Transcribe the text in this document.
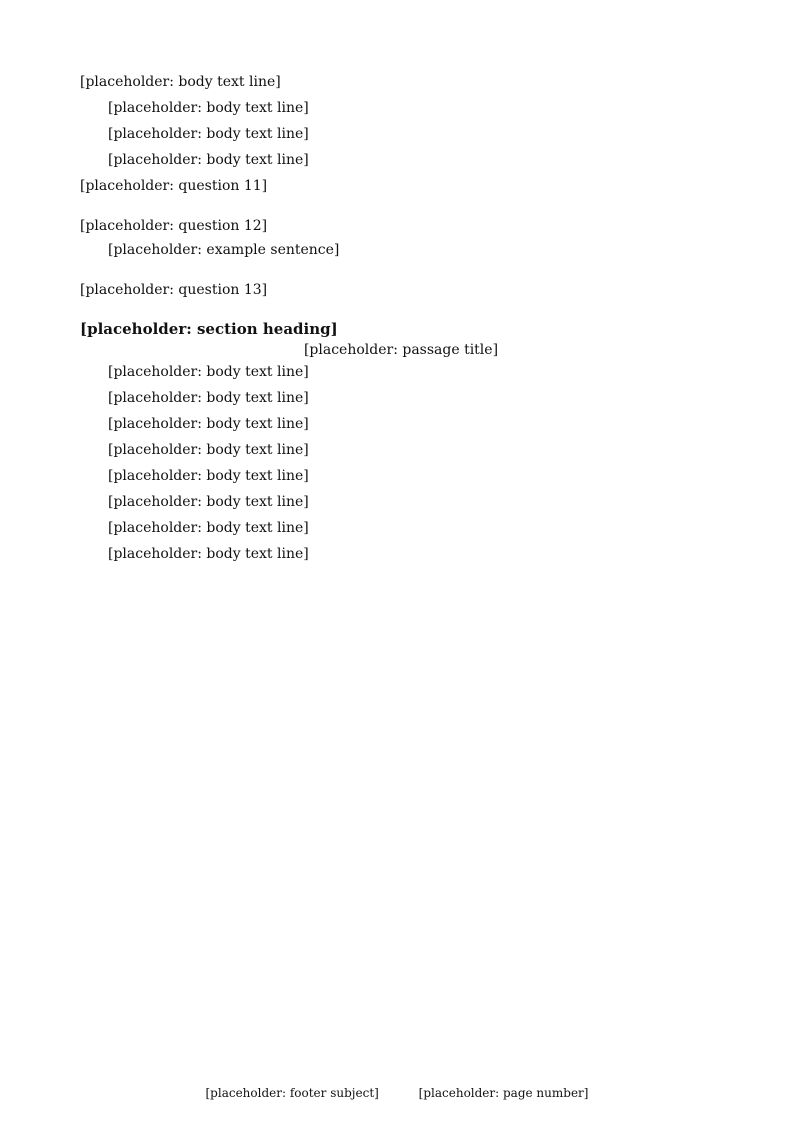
[placeholder: body text line]

[placeholder: body text line]

[placeholder: body text line]

[placeholder: body text line]

[placeholder: question 11]

[placeholder: question 12]

[placeholder: example sentence]

[placeholder: question 13]

[placeholder: section heading]
[placeholder: passage title]

[placeholder: body text line]

[placeholder: body text line]

[placeholder: body text line]

[placeholder: body text line]

[placeholder: body text line]

[placeholder: body text line]

[placeholder: body text line]

[placeholder: body text line]

[placeholder: footer subject]	[placeholder: page number]
